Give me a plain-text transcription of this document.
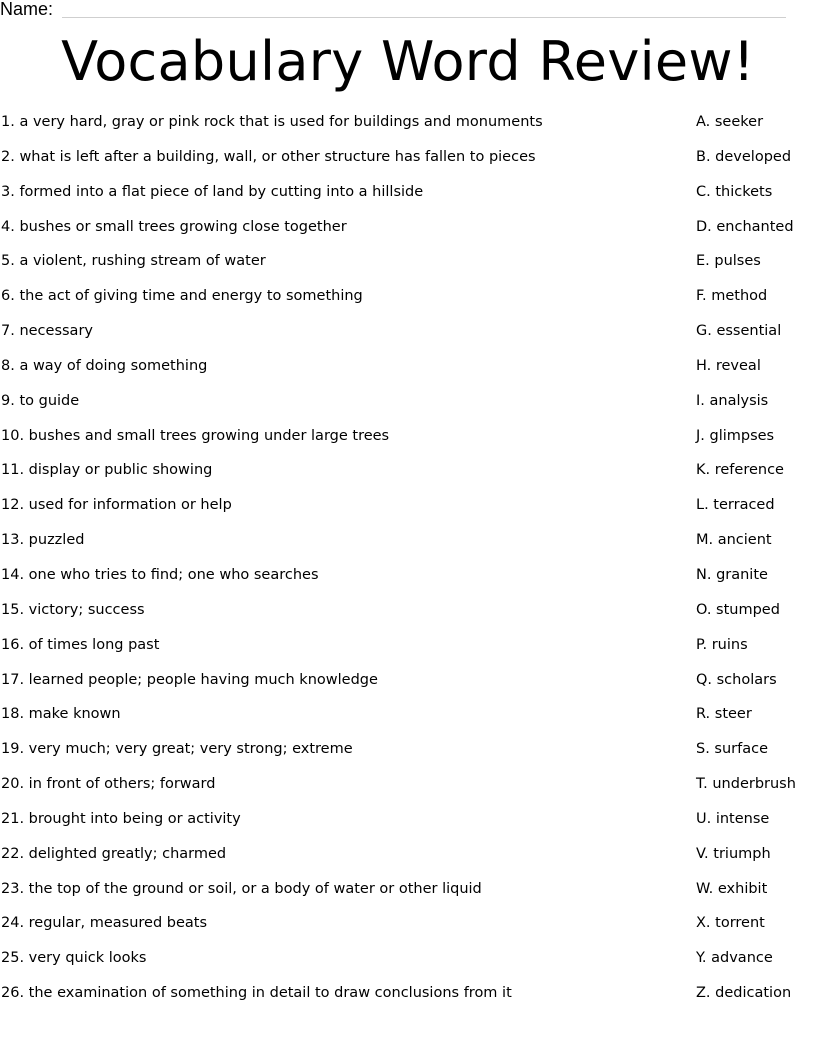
Name:
Vocabulary Word Review!
1. a very hard, gray or pink rock that is used for buildings and monuments	A. seeker
2. what is left after a building, wall, or other structure has fallen to pieces	B. developed
3. formed into a flat piece of land by cutting into a hillside	C. thickets
4. bushes or small trees growing close together	D. enchanted
5. a violent, rushing stream of water	E. pulses
6. the act of giving time and energy to something	F. method
7. necessary	G. essential
8. a way of doing something	H. reveal
9. to guide	I. analysis
10. bushes and small trees growing under large trees	J. glimpses
11. display or public showing	K. reference
12. used for information or help	L. terraced
13. puzzled	M. ancient
14. one who tries to find; one who searches	N. granite
15. victory; success	O. stumped
16. of times long past	P. ruins
17. learned people; people having much knowledge	Q. scholars
18. make known	R. steer
19. very much; very great; very strong; extreme	S. surface
20. in front of others; forward	T. underbrush
21. brought into being or activity	U. intense
22. delighted greatly; charmed	V. triumph
23. the top of the ground or soil, or a body of water or other liquid	W. exhibit
24. regular, measured beats	X. torrent
25. very quick looks	Y. advance
26. the examination of something in detail to draw conclusions from it	Z. dedication
